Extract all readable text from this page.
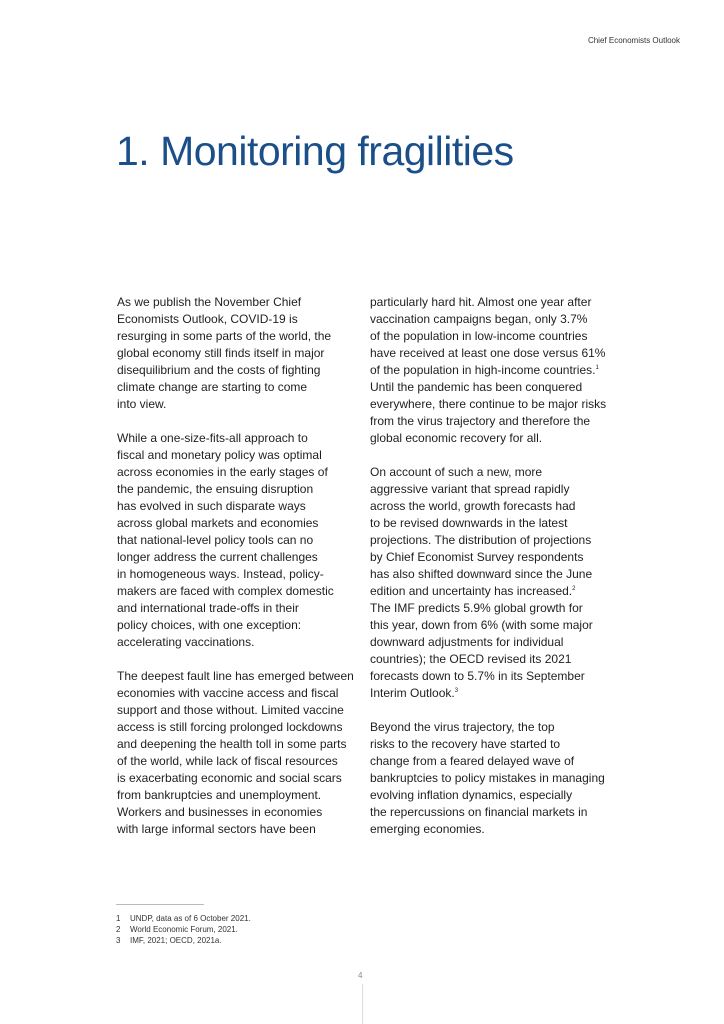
Chief Economists Outlook
1. Monitoring fragilities
As we publish the November Chief
Economists Outlook, COVID-19 is
resurging in some parts of the world, the
global economy still finds itself in major
disequilibrium and the costs of fighting
climate change are starting to come
into view.
While a one-size-fits-all approach to
fiscal and monetary policy was optimal
across economies in the early stages of
the pandemic, the ensuing disruption
has evolved in such disparate ways
across global markets and economies
that national-level policy tools can no
longer address the current challenges
in homogeneous ways. Instead, policy-
makers are faced with complex domestic
and international trade-offs in their
policy choices, with one exception:
accelerating vaccinations.
The deepest fault line has emerged between
economies with vaccine access and fiscal
support and those without. Limited vaccine
access is still forcing prolonged lockdowns
and deepening the health toll in some parts
of the world, while lack of fiscal resources
is exacerbating economic and social scars
from bankruptcies and unemployment.
Workers and businesses in economies
with large informal sectors have been
particularly hard hit. Almost one year after
vaccination campaigns began, only 3.7%
of the population in low-income countries
have received at least one dose versus 61%
of the population in high-income countries.$^1$
Until the pandemic has been conquered
everywhere, there continue to be major risks
from the virus trajectory and therefore the
global economic recovery for all.
On account of such a new, more
aggressive variant that spread rapidly
across the world, growth forecasts had
to be revised downwards in the latest
projections. The distribution of projections
by Chief Economist Survey respondents
has also shifted downward since the June
edition and uncertainty has increased.$^2$
The IMF predicts 5.9% global growth for
this year, down from 6% (with some major
downward adjustments for individual
countries); the OECD revised its 2021
forecasts down to 5.7% in its September
Interim Outlook.$^3$
Beyond the virus trajectory, the top
risks to the recovery have started to
change from a feared delayed wave of
bankruptcies to policy mistakes in managing
evolving inflation dynamics, especially
the repercussions on financial markets in
emerging economies.
1 UNDP, data as of 6 October 2021.
2 World Economic Forum, 2021.
3 IMF, 2021; OECD, 2021a.
4
